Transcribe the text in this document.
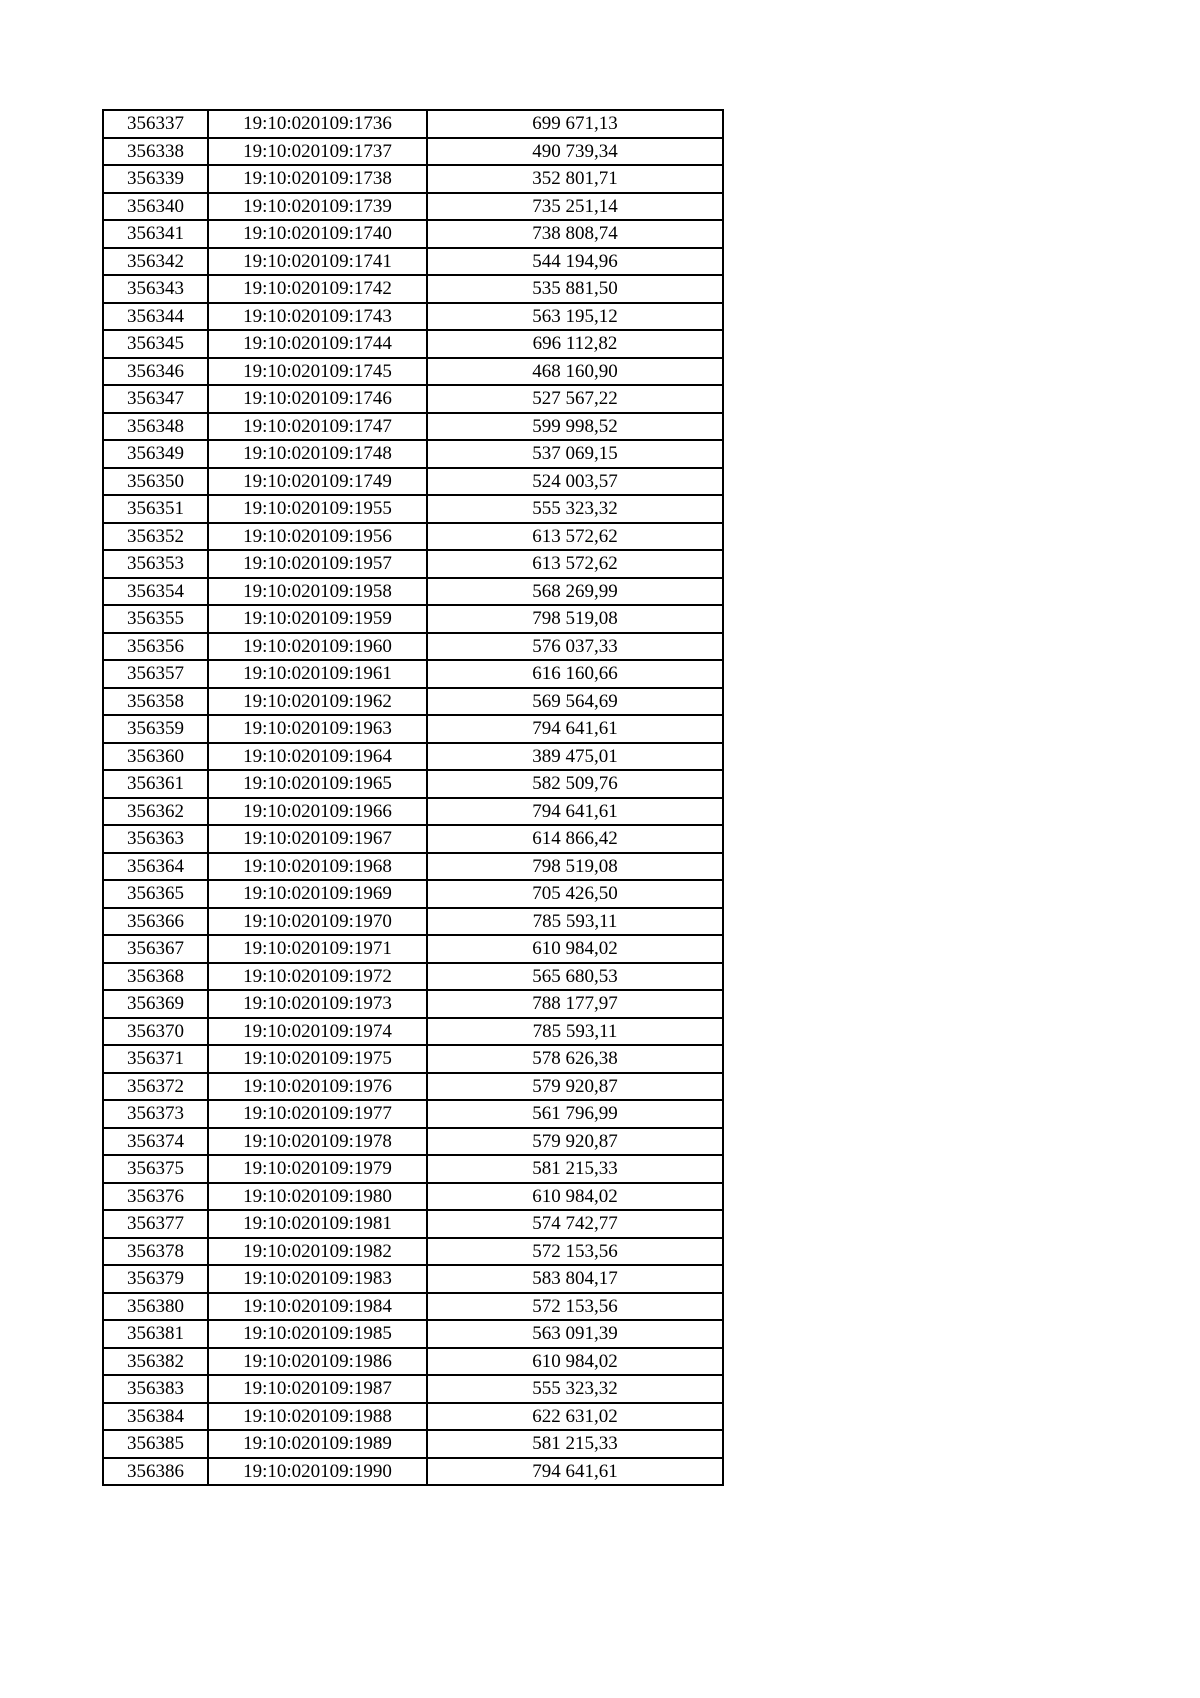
356337	19:10:020109:1736	699 671,13
356338	19:10:020109:1737	490 739,34
356339	19:10:020109:1738	352 801,71
356340	19:10:020109:1739	735 251,14
356341	19:10:020109:1740	738 808,74
356342	19:10:020109:1741	544 194,96
356343	19:10:020109:1742	535 881,50
356344	19:10:020109:1743	563 195,12
356345	19:10:020109:1744	696 112,82
356346	19:10:020109:1745	468 160,90
356347	19:10:020109:1746	527 567,22
356348	19:10:020109:1747	599 998,52
356349	19:10:020109:1748	537 069,15
356350	19:10:020109:1749	524 003,57
356351	19:10:020109:1955	555 323,32
356352	19:10:020109:1956	613 572,62
356353	19:10:020109:1957	613 572,62
356354	19:10:020109:1958	568 269,99
356355	19:10:020109:1959	798 519,08
356356	19:10:020109:1960	576 037,33
356357	19:10:020109:1961	616 160,66
356358	19:10:020109:1962	569 564,69
356359	19:10:020109:1963	794 641,61
356360	19:10:020109:1964	389 475,01
356361	19:10:020109:1965	582 509,76
356362	19:10:020109:1966	794 641,61
356363	19:10:020109:1967	614 866,42
356364	19:10:020109:1968	798 519,08
356365	19:10:020109:1969	705 426,50
356366	19:10:020109:1970	785 593,11
356367	19:10:020109:1971	610 984,02
356368	19:10:020109:1972	565 680,53
356369	19:10:020109:1973	788 177,97
356370	19:10:020109:1974	785 593,11
356371	19:10:020109:1975	578 626,38
356372	19:10:020109:1976	579 920,87
356373	19:10:020109:1977	561 796,99
356374	19:10:020109:1978	579 920,87
356375	19:10:020109:1979	581 215,33
356376	19:10:020109:1980	610 984,02
356377	19:10:020109:1981	574 742,77
356378	19:10:020109:1982	572 153,56
356379	19:10:020109:1983	583 804,17
356380	19:10:020109:1984	572 153,56
356381	19:10:020109:1985	563 091,39
356382	19:10:020109:1986	610 984,02
356383	19:10:020109:1987	555 323,32
356384	19:10:020109:1988	622 631,02
356385	19:10:020109:1989	581 215,33
356386	19:10:020109:1990	794 641,61
